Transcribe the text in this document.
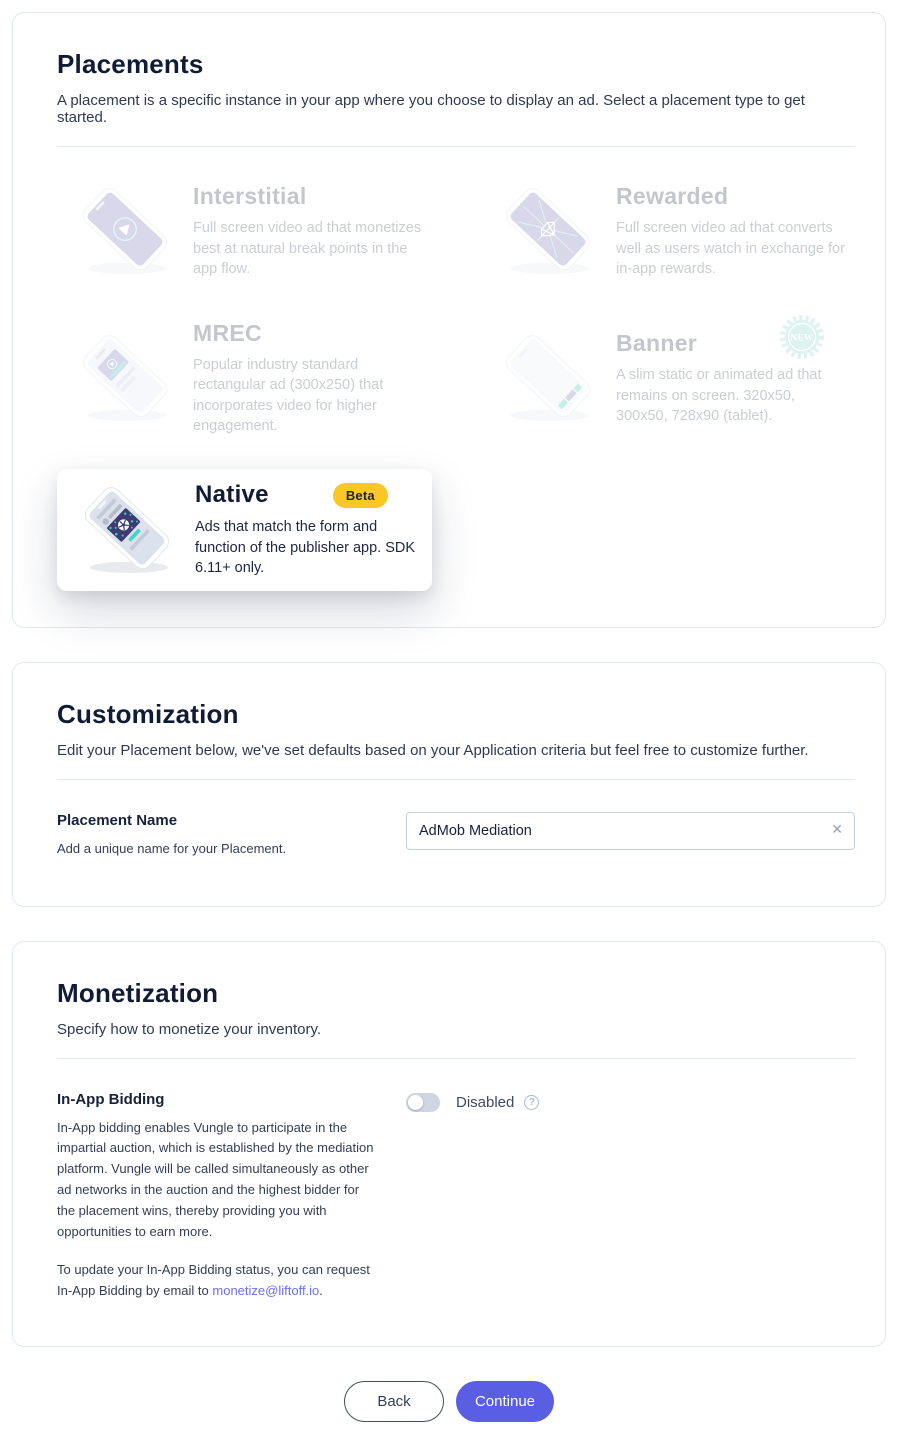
Placements

A placement is a specific instance in your app where you choose to display an ad. Select a placement type to get started.

Interstitial

Full screen video ad that monetizes best at natural break points in the app flow.

Rewarded

Full screen video ad that converts well as users watch in exchange for in-app rewards.

MREC

Popular industry standard rectangular ad (300x250) that incorporates video for higher engagement.

Banner

A slim static or animated ad that remains on screen. 320x50, 300x50, 728x90 (tablet).

NEW
Native	Beta

Ads that match the form and function of the publisher app. SDK 6.11+ only.

Customization

Edit your Placement below, we've set defaults based on your Application criteria but feel free to customize further.

Placement Name

Add a unique name for your Placement.

AdMob Mediation
✕
Monetization

Specify how to monetize your inventory.

In-App Bidding

In-App bidding enables Vungle to participate in the impartial auction, which is established by the mediation platform. Vungle will be called simultaneously as other ad networks in the auction and the highest bidder for the placement wins, thereby providing you with opportunities to earn more.

To update your In-App Bidding status, you can request In-App Bidding by email to monetize@liftoff.io.

Disabled	?
Back	Continue
